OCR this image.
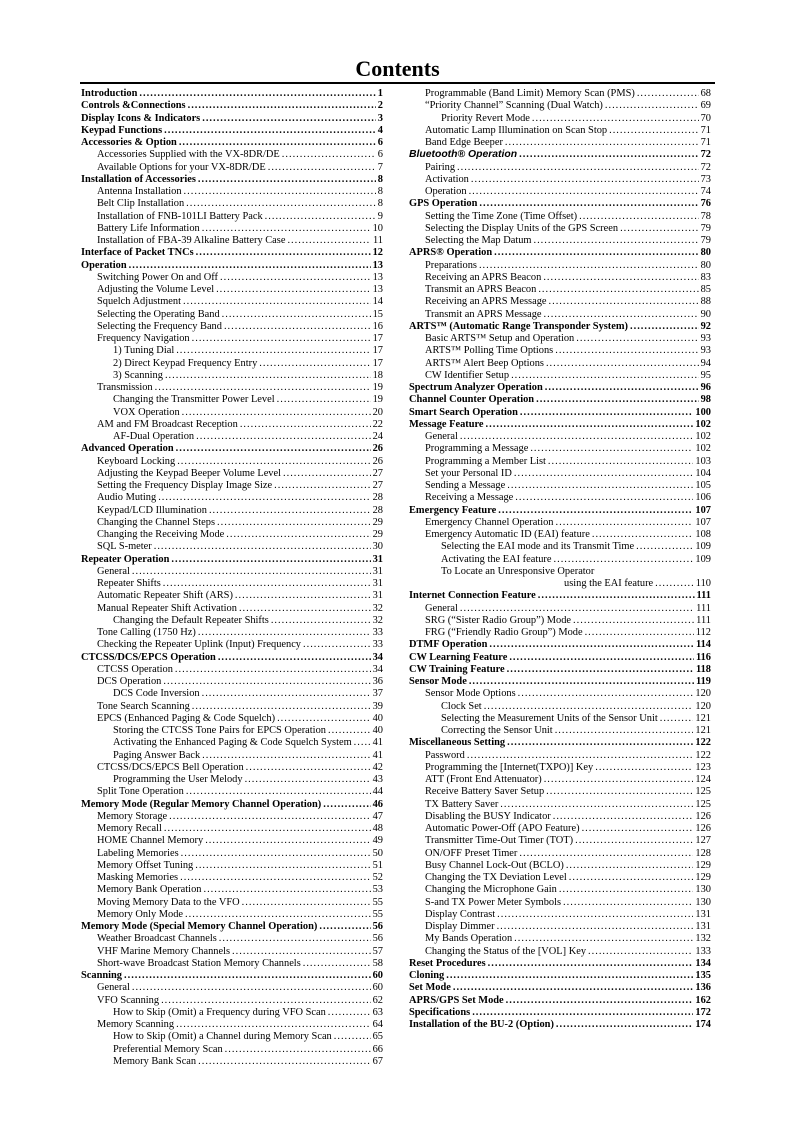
Contents
Introduction .....	1
Controls &Connections .....	2
Display Icons & Indicators .....	3
Keypad Functions .....	4
Accessories & Option .....	6
Accessories Supplied with the VX-8DR/DE .....	6
Available Options for your VX-8DR/DE .....	7
Installation of Accessories .....	8
Antenna Installation .....	8
Belt Clip Installation .....	8
Installation of FNB-101LI Battery Pack .....	9
Battery Life Information .....	10
Installation of FBA-39 Alkaline Battery Case .....	11
Interface of Packet TNCs .....	12
Operation .....	13
Switching Power On and Off .....	13
Adjusting the Volume Level .....	13
Squelch Adjustment .....	14
Selecting the Operating Band .....	15
Selecting the Frequency Band .....	16
Frequency Navigation .....	17
1) Tuning Dial .....	17
2) Direct Keypad Frequency Entry .....	17
3) Scanning .....	18
Transmission .....	19
Changing the Transmitter Power Level .....	19
VOX Operation .....	20
AM and FM Broadcast Reception .....	22
AF-Dual Operation .....	24
Advanced Operation .....	26
Keyboard Locking .....	26
Adjusting the Keypad Beeper Volume Level .....	27
Setting the Frequency Display Image Size .....	27
Audio Muting .....	28
Keypad/LCD Illumination .....	28
Changing the Channel Steps .....	29
Changing the Receiving Mode .....	29
SQL S-meter .....	30
Repeater Operation .....	31
General .....	31
Repeater Shifts .....	31
Automatic Repeater Shift (ARS) .....	31
Manual Repeater Shift Activation .....	32
Changing the Default Repeater Shifts .....	32
Tone Calling (1750 Hz) .....	33
Checking the Repeater Uplink (Input) Frequency .....	33
CTCSS/DCS/EPCS Operation .....	34
CTCSS Operation .....	34
DCS Operation .....	36
DCS Code Inversion .....	37
Tone Search Scanning .....	39
EPCS (Enhanced Paging & Code Squelch) .....	40
Storing the CTCSS Tone Pairs for EPCS Operation .....	40
Activating the Enhanced Paging & Code Squelch System ..... 41
Paging Answer Back .....	41
CTCSS/DCS/EPCS Bell Operation .....	42
Programming the User Melody .....	43
Split Tone Operation .....	44
Memory Mode (Regular Memory Channel Operation) .....	46
Memory Storage .....	47
Memory Recall .....	48
HOME Channel Memory .....	49
Labeling Memories .....	50
Memory Offset Tuning .....	51
Masking Memories .....	52
Memory Bank Operation .....	53
Moving Memory Data to the VFO .....	55
Memory Only Mode .....	55
Memory Mode (Special Memory Channel Operation) .....	56
Weather Broadcast Channels .....	56
VHF Marine Memory Channels .....	57
Short-wave Broadcast Station Memory Channels .....	58
Scanning .....	60
General .....	60
VFO Scanning .....	62
How to Skip (Omit) a Frequency during VFO Scan .....	63
Memory Scanning .....	64
How to Skip (Omit) a Channel during Memory Scan .....	65
Preferential Memory Scan .....	66
Memory Bank Scan .....	67
Programmable (Band Limit) Memory Scan (PMS) .....	68
“Priority Channel” Scanning (Dual Watch) .....	69
Priority Revert Mode .....	70
Automatic Lamp Illumination on Scan Stop .....	71
Band Edge Beeper .....	71
Bluetooth® Operation .....	72
Pairing .....	72
Activation .....	73
Operation .....	74
GPS Operation .....	76
Setting the Time Zone (Time Offset) .....	78
Selecting the Display Units of the GPS Screen .....	79
Selecting the Map Datum .....	79
APRS® Operation .....	80
Preparations .....	80
Receiving an APRS Beacon .....	83
Transmit an APRS Beacon .....	85
Receiving an APRS Message .....	88
Transmit an APRS Message .....	90
ARTS™ (Automatic Range Transponder System) .....	92
Basic ARTS™ Setup and Operation .....	93
ARTS™ Polling Time Options .....	93
ARTS™ Alert Beep Options .....	94
CW Identifier Setup .....	95
Spectrum Analyzer Operation .....	96
Channel Counter Operation .....	98
Smart Search Operation .....	100
Message Feature .....	102
General .....	102
Programming a Message .....	102
Programming a Member List .....	103
Set your Personal ID .....	104
Sending a Message .....	105
Receiving a Message .....	106
Emergency Feature .....	107
Emergency Channel Operation .....	107
Emergency Automatic ID (EAI) feature .....	108
Selecting the EAI mode and its Transmit Time .....	109
Activating the EAI feature .....	109
To Locate an Unresponsive Operator
using the EAI feature .....	110
Internet Connection Feature .....	111
General .....	111
SRG (“Sister Radio Group”) Mode .....	111
FRG (“Friendly Radio Group”) Mode .....	112
DTMF Operation .....	114
CW Learning Feature .....	116
CW Training Feature .....	118
Sensor Mode .....	119
Sensor Mode Options .....	120
Clock Set .....	120
Selecting the Measurement Units of the Sensor Unit .....	121
Correcting the Sensor Unit .....	121
Miscellaneous Setting .....	122
Password .....	122
Programming the [Internet(TXPO)] Key .....	123
ATT (Front End Attenuator) .....	124
Receive Battery Saver Setup .....	125
TX Battery Saver .....	125
Disabling the BUSY Indicator .....	126
Automatic Power-Off (APO Feature) .....	126
Transmitter Time-Out Timer (TOT) .....	127
ON/OFF Preset Timer .....	128
Busy Channel Lock-Out (BCLO) .....	129
Changing the TX Deviation Level .....	129
Changing the Microphone Gain .....	130
S-and TX Power Meter Symbols .....	130
Display Contrast .....	131
Display Dimmer .....	131
My Bands Operation .....	132
Changing the Status of the [VOL] Key .....	133
Reset Procedures .....	134
Cloning .....	135
Set Mode .....	136
APRS/GPS Set Mode .....	162
Specifications .....	172
Installation of the BU-2 (Option) .....	174
